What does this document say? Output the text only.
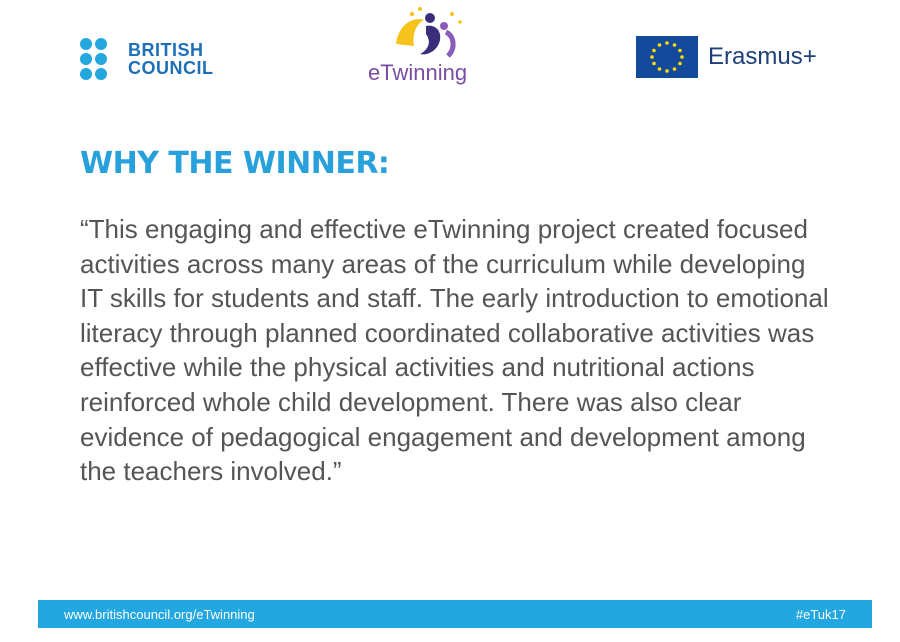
BRITISH
COUNCIL	eTwinning
Erasmus+
WHY THE WINNER:

“This engaging and effective eTwinning project created focused activities across many areas of the curriculum while developing IT skills for students and staff. The early introduction to emotional literacy through planned coordinated collaborative activities was effective while the physical activities and nutritional actions reinforced whole child development. There was also clear evidence of pedagogical engagement and development among the teachers involved.”

www.britishcouncil.org/eTwinning	#eTuk17
